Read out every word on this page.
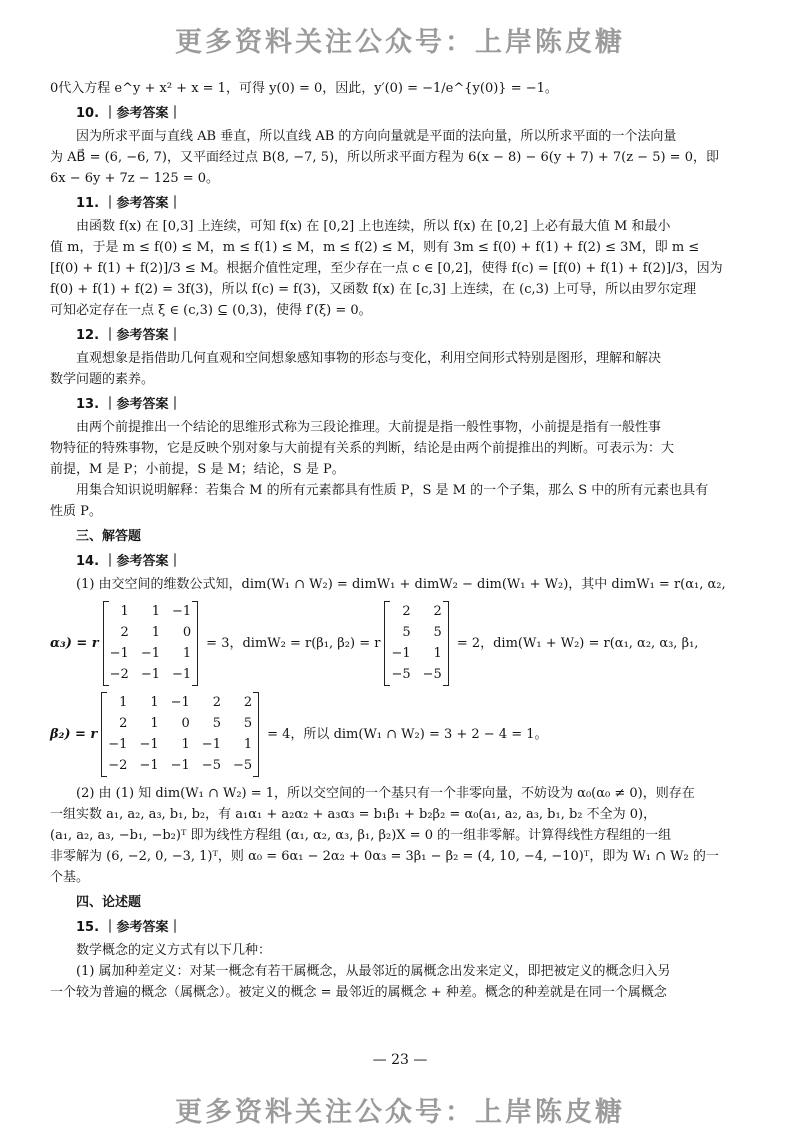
更多资料关注公众号：上岸陈皮糖

0代入方程 e^y + x² + x = 1，可得 y(0) = 0，因此，y′(0) = −1/e^{y(0)} = −1。

10. ｜参考答案｜

因为所求平面与直线 AB 垂直，所以直线 AB 的方向向量就是平面的法向量，所以所求平面的一个法向量

为 AB⃗ = (6, −6, 7)，又平面经过点 B(8, −7, 5)，所以所求平面方程为 6(x − 8) − 6(y + 7) + 7(z − 5) = 0，即

6x − 6y + 7z − 125 = 0。

11. ｜参考答案｜

由函数 f(x) 在 [0,3] 上连续，可知 f(x) 在 [0,2] 上也连续，所以 f(x) 在 [0,2] 上必有最大值 M 和最小

值 m，于是 m ≤ f(0) ≤ M，m ≤ f(1) ≤ M，m ≤ f(2) ≤ M，则有 3m ≤ f(0) + f(1) + f(2) ≤ 3M，即 m ≤

[f(0) + f(1) + f(2)]/3 ≤ M。根据介值性定理，至少存在一点 c ∈ [0,2]，使得 f(c) = [f(0) + f(1) + f(2)]/3，因为

f(0) + f(1) + f(2) = 3f(3)，所以 f(c) = f(3)，又函数 f(x) 在 [c,3] 上连续，在 (c,3) 上可导，所以由罗尔定理

可知必定存在一点 ξ ∈ (c,3) ⊆ (0,3)，使得 f′(ξ) = 0。

12. ｜参考答案｜

直观想象是指借助几何直观和空间想象感知事物的形态与变化，利用空间形式特别是图形，理解和解决

数学问题的素养。

13. ｜参考答案｜

由两个前提推出一个结论的思维形式称为三段论推理。大前提是指一般性事物，小前提是指有一般性事

物特征的特殊事物，它是反映个别对象与大前提有关系的判断，结论是由两个前提推出的判断。可表示为：大

前提，M 是 P；小前提，S 是 M；结论，S 是 P。

用集合知识说明解释：若集合 M 的所有元素都具有性质 P，S 是 M 的一个子集，那么 S 中的所有元素也具有

性质 P。

三、解答题

14. ｜参考答案｜

(1) 由交空间的维数公式知，dim(W₁ ∩ W₂) = dimW₁ + dimW₂ − dim(W₁ + W₂)，其中 dimW₁ = r(α₁, α₂,

α₃) = r
1	1 −1
2	1	0
−1 −1	1
−2 −1 −1
= 3，dimW₂ = r(β₁, β₂) = r
2	2
5	5
−1	1
−5 −5
= 2，dim(W₁ + W₂) = r(α₁, α₂, α₃, β₁,
β₂) = r
1	1 −1	2	2
2	1	0	5	5
−1 −1	1 −1	1
−2 −1 −1 −5 −5
= 4，所以 dim(W₁ ∩ W₂) = 3 + 2 − 4 = 1。

(2) 由 (1) 知 dim(W₁ ∩ W₂) = 1，所以交空间的一个基只有一个非零向量，不妨设为 α₀(α₀ ≠ 0)，则存在

一组实数 a₁, a₂, a₃, b₁, b₂，有 a₁α₁ + a₂α₂ + a₃α₃ = b₁β₁ + b₂β₂ = α₀(a₁, a₂, a₃, b₁, b₂ 不全为 0)，

(a₁, a₂, a₃, −b₁, −b₂)ᵀ 即为线性方程组 (α₁, α₂, α₃, β₁, β₂)X = 0 的一组非零解。计算得线性方程组的一组

非零解为 (6, −2, 0, −3, 1)ᵀ，则 α₀ = 6α₁ − 2α₂ + 0α₃ = 3β₁ − β₂ = (4, 10, −4, −10)ᵀ，即为 W₁ ∩ W₂ 的一

个基。

四、论述题

15. ｜参考答案｜

数学概念的定义方式有以下几种：

(1) 属加种差定义：对某一概念有若干属概念，从最邻近的属概念出发来定义，即把被定义的概念归入另

一个较为普遍的概念（属概念）。被定义的概念 = 最邻近的属概念 + 种差。概念的种差就是在同一个属概念

— 23 —
更多资料关注公众号：上岸陈皮糖
